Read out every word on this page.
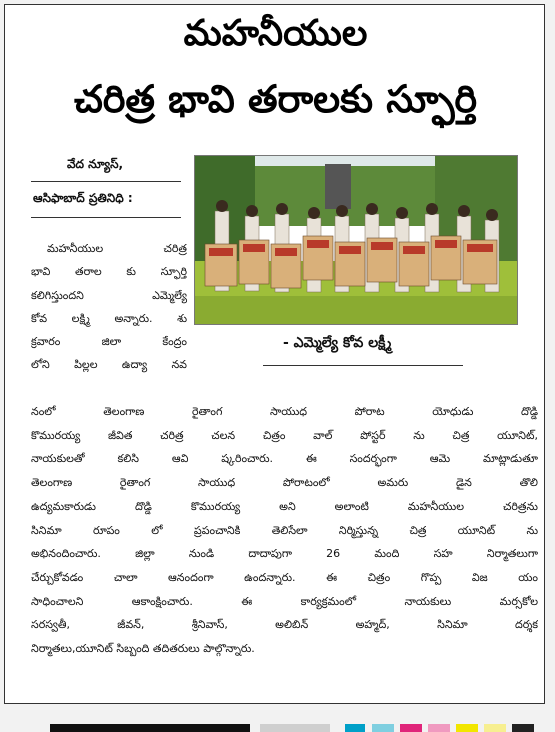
మహనీయుల
చరిత్ర భావి తరాలకు స్ఫూర్తి
వేద న్యూస్,
ఆసిఫాబాద్ ప్రతినిధి :
- ఎమ్మెల్యే కోవ లక్ష్మీ
మహనీయుల చరిత్ర
భావి తరాల కు స్ఫూర్తి
కలిగిస్తుందని ఎమ్మెల్యే
కోవ లక్ష్మి అన్నారు. శు
క్రవారం జిలా కేంద్రం
లోని పిల్లల ఉద్యా నవ
నంలో తెలంగాణ రైతాంగ సాయుధ పోరాట యోధుడు దొడ్డి
కొమురయ్య జీవిత చరిత్ర చలన చిత్రం వాల్ పోస్టర్ ను చిత్ర యూనిట్,
నాయకులతో కలిసి ఆవి ష్కరించారు. ఈ సందర్భంగా ఆమె మాట్లాడుతూ
తెలంగాణ రైతాంగ సాయుధ పోరాటంలో అమరు డైన తొలి
ఉద్యమకారుడు దొడ్డి కొమురయ్య అని అలాంటి మహనీయుల చరిత్రను
సినిమా రూపం లో ప్రపంచానికి తెలిసేలా నిర్మిస్తున్న చిత్ర యూనిట్ ను
అభినందించారు. జిల్లా నుండి దాదాపుగా 26 మంది సహ నిర్మాతలుగా
చేర్చుకోవడం చాలా ఆనందంగా ఉందన్నారు. ఈ చిత్రం గొప్ప విజ యం
సాధించాలని ఆకాంక్షించారు. ఈ కార్యక్రమంలో నాయకులు మర్సకోల
సరస్వతీ, జీవన్, శ్రీనివాస్, అలిబిన్ అహ్మద్, సినిమా దర్శక
నిర్మాతలు,యూనిట్ సిబ్బంది తదితరులు పాల్గొన్నారు.
